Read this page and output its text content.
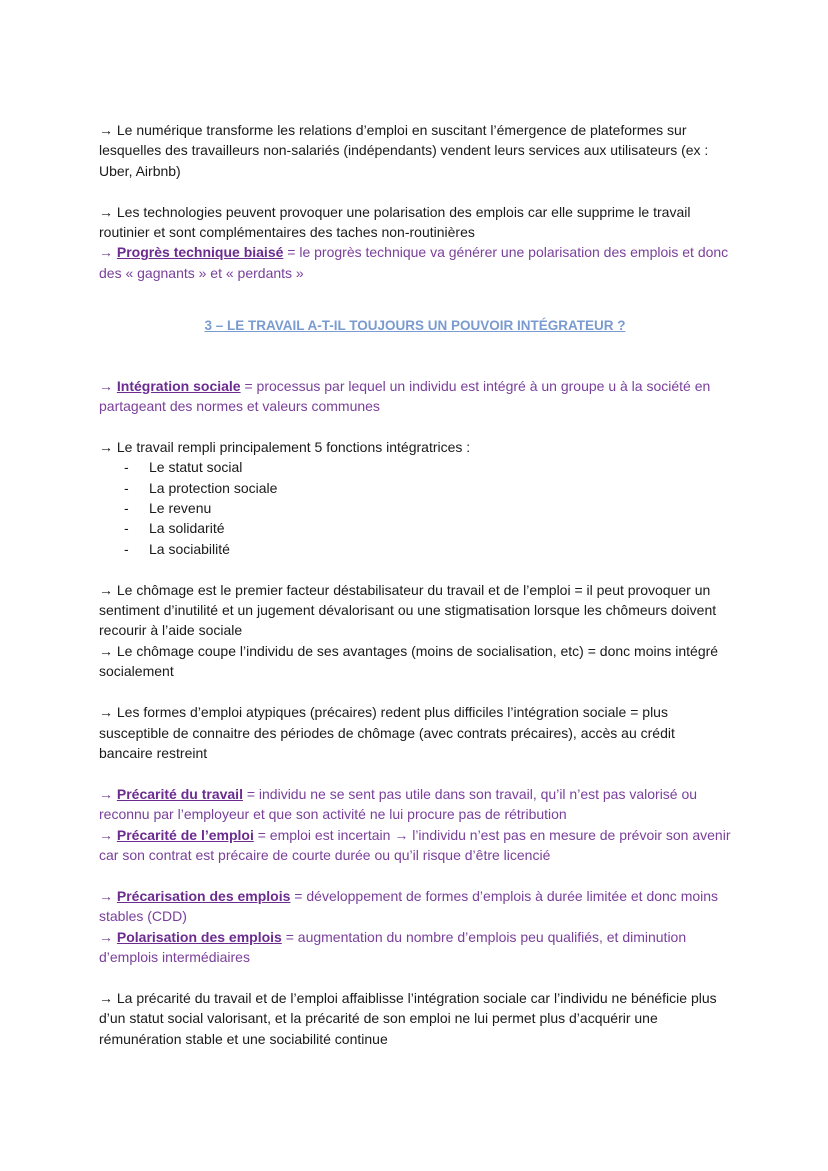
→ Le numérique transforme les relations d’emploi en suscitant l’émergence de plateformes sur lesquelles des travailleurs non-salariés (indépendants) vendent leurs services aux utilisateurs (ex : Uber, Airbnb)

→ Les technologies peuvent provoquer une polarisation des emplois car elle supprime le travail routinier et sont complémentaires des taches non-routinières

→ Progrès technique biaisé = le progrès technique va générer une polarisation des emplois et donc des « gagnants » et « perdants »

3 – LE TRAVAIL A-T-IL TOUJOURS UN POUVOIR INTÉGRATEUR ?

→ Intégration sociale = processus par lequel un individu est intégré à un groupe u à la société en partageant des normes et valeurs communes

→ Le travail rempli principalement 5 fonctions intégratrices :

- Le statut social
- La protection sociale
- Le revenu
- La solidarité
- La sociabilité

→ Le chômage est le premier facteur déstabilisateur du travail et de l’emploi = il peut provoquer un sentiment d’inutilité et un jugement dévalorisant ou une stigmatisation lorsque les chômeurs doivent recourir à l’aide sociale

→ Le chômage coupe l’individu de ses avantages (moins de socialisation, etc) = donc moins intégré socialement

→ Les formes d’emploi atypiques (précaires) redent plus difficiles l’intégration sociale = plus susceptible de connaitre des périodes de chômage (avec contrats précaires), accès au crédit bancaire restreint

→ Précarité du travail = individu ne se sent pas utile dans son travail, qu’il n’est pas valorisé ou reconnu par l’employeur et que son activité ne lui procure pas de rétribution

→ Précarité de l’emploi = emploi est incertain → l’individu n’est pas en mesure de prévoir son avenir car son contrat est précaire de courte durée ou qu’il risque d’être licencié

→ Précarisation des emplois = développement de formes d’emplois à durée limitée et donc moins stables (CDD)

→ Polarisation des emplois = augmentation du nombre d’emplois peu qualifiés, et diminution d’emplois intermédiaires

→ La précarité du travail et de l’emploi affaiblisse l’intégration sociale car l’individu ne bénéficie plus d’un statut social valorisant, et la précarité de son emploi ne lui permet plus d’acquérir une rémunération stable et une sociabilité continue
